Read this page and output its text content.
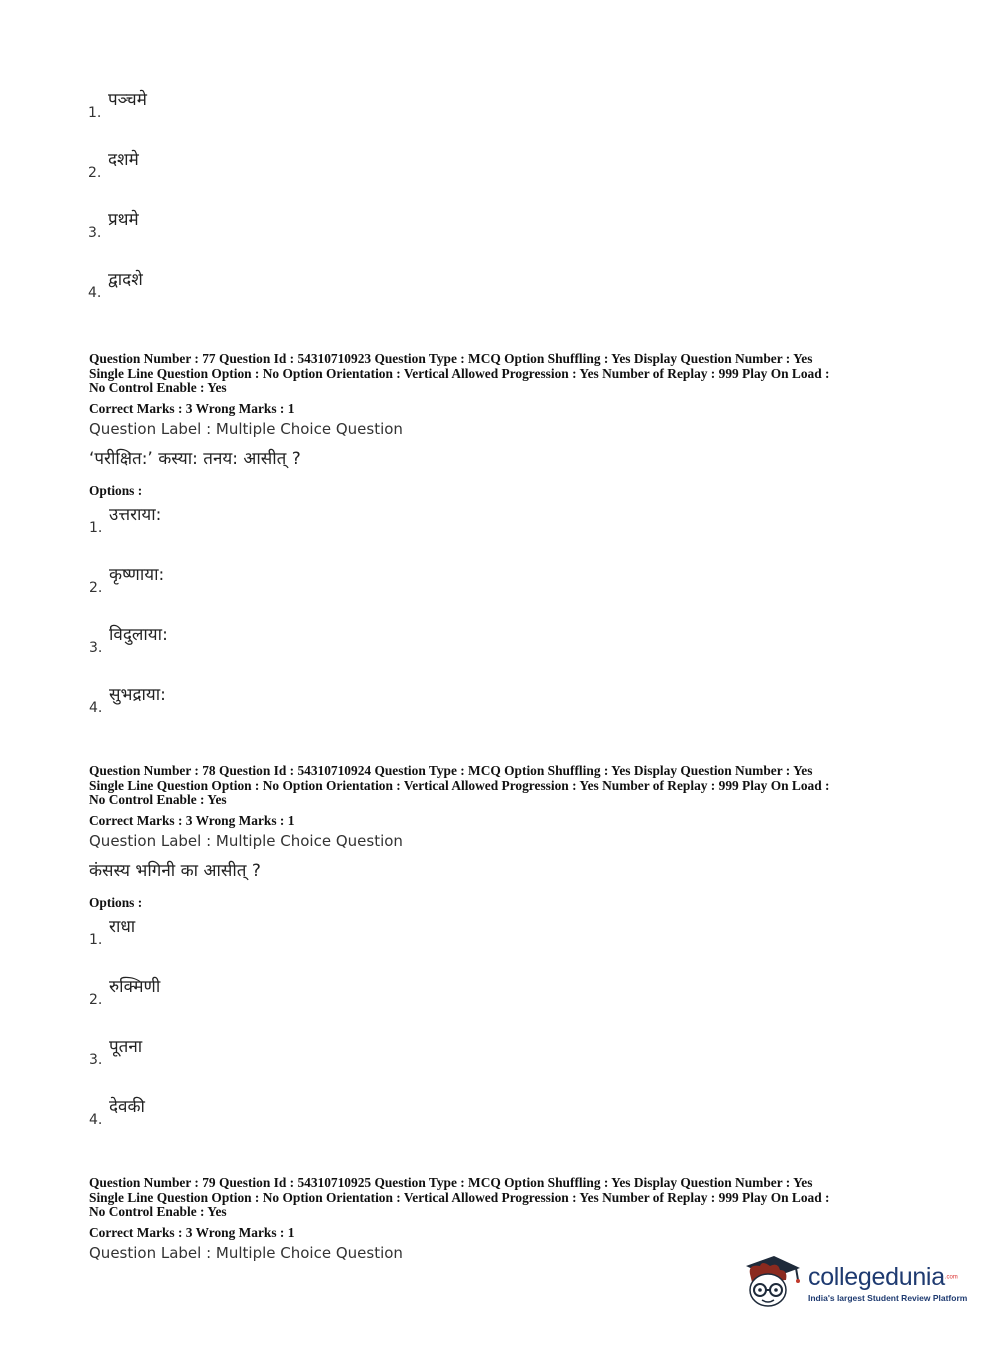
1.
पञ्चमे
2.
दशमे
3.
प्रथमे
4.
द्वादशे
Question Number : 77 Question Id : 54310710923 Question Type : MCQ Option Shuffling : Yes Display Question Number : Yes
Single Line Question Option : No Option Orientation : Vertical Allowed Progression : Yes Number of Replay : 999 Play On Load :
No Control Enable : Yes
Correct Marks : 3 Wrong Marks : 1
Question Label : Multiple Choice Question
‘परीक्षित:’ कस्या: तनय: आसीत् ?
Options :
1.
उत्तराया:
2.
कृष्णाया:
3.
विदुलाया:
4.
सुभद्राया:
Question Number : 78 Question Id : 54310710924 Question Type : MCQ Option Shuffling : Yes Display Question Number : Yes
Single Line Question Option : No Option Orientation : Vertical Allowed Progression : Yes Number of Replay : 999 Play On Load :
No Control Enable : Yes
Correct Marks : 3 Wrong Marks : 1
Question Label : Multiple Choice Question
कंसस्य भगिनी का आसीत् ?
Options :
1.
राधा
2.
रुक्मिणी
3.
पूतना
4.
देवकी
Question Number : 79 Question Id : 54310710925 Question Type : MCQ Option Shuffling : Yes Display Question Number : Yes
Single Line Question Option : No Option Orientation : Vertical Allowed Progression : Yes Number of Replay : 999 Play On Load :
No Control Enable : Yes
Correct Marks : 3 Wrong Marks : 1
Question Label : Multiple Choice Question
collegedunia$^{.com}$
India's largest Student Review Platform
